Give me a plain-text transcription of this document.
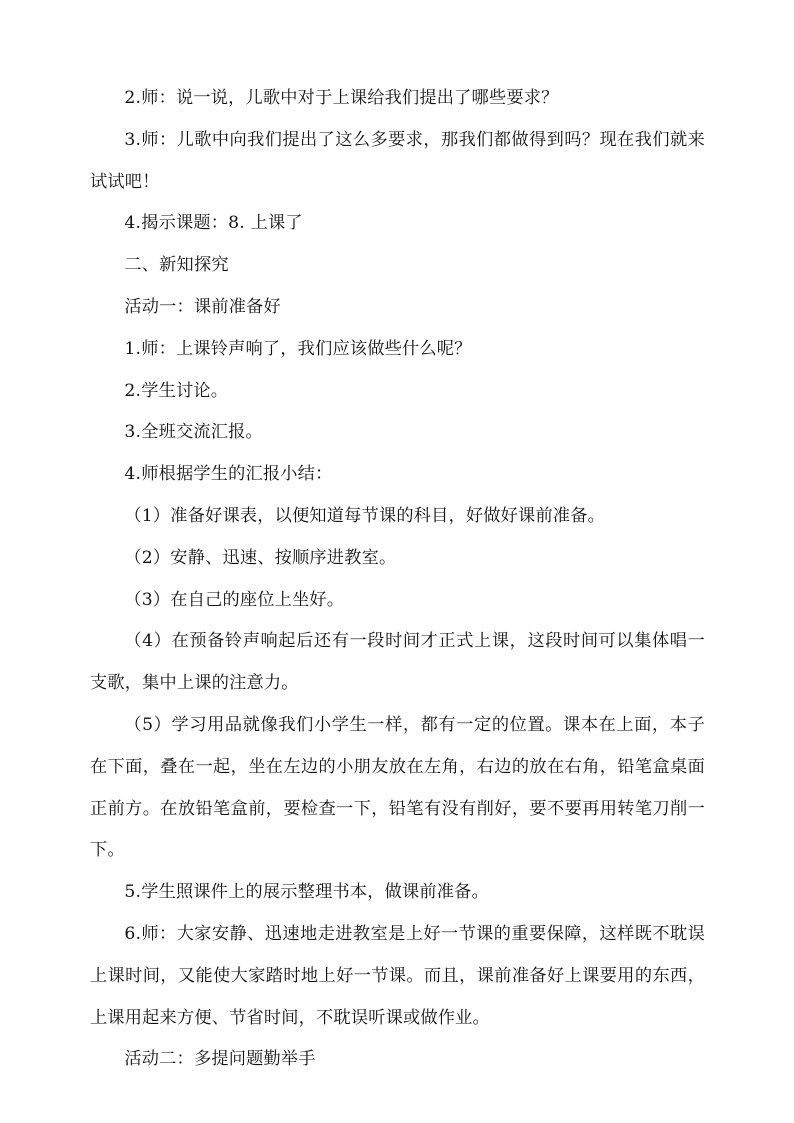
2.师：说一说，儿歌中对于上课给我们提出了哪些要求？

3.师：儿歌中向我们提出了这么多要求，那我们都做得到吗？现在我们就来试试吧！

4.揭示课题：8. 上课了

二、新知探究

活动一：课前准备好

1.师：上课铃声响了，我们应该做些什么呢？

2.学生讨论。

3.全班交流汇报。

4.师根据学生的汇报小结：

（1）准备好课表，以便知道每节课的科目，好做好课前准备。

（2）安静、迅速、按顺序进教室。

（3）在自己的座位上坐好。

（4）在预备铃声响起后还有一段时间才正式上课，这段时间可以集体唱一支歌，集中上课的注意力。

（5）学习用品就像我们小学生一样，都有一定的位置。课本在上面，本子在下面，叠在一起，坐在左边的小朋友放在左角，右边的放在右角，铅笔盒桌面正前方。在放铅笔盒前，要检查一下，铅笔有没有削好，要不要再用转笔刀削一下。

5.学生照课件上的展示整理书本，做课前准备。

6.师：大家安静、迅速地走进教室是上好一节课的重要保障，这样既不耽误上课时间，又能使大家踏时地上好一节课。而且，课前准备好上课要用的东西，上课用起来方便、节省时间，不耽误听课或做作业。

活动二：多提问题勤举手
